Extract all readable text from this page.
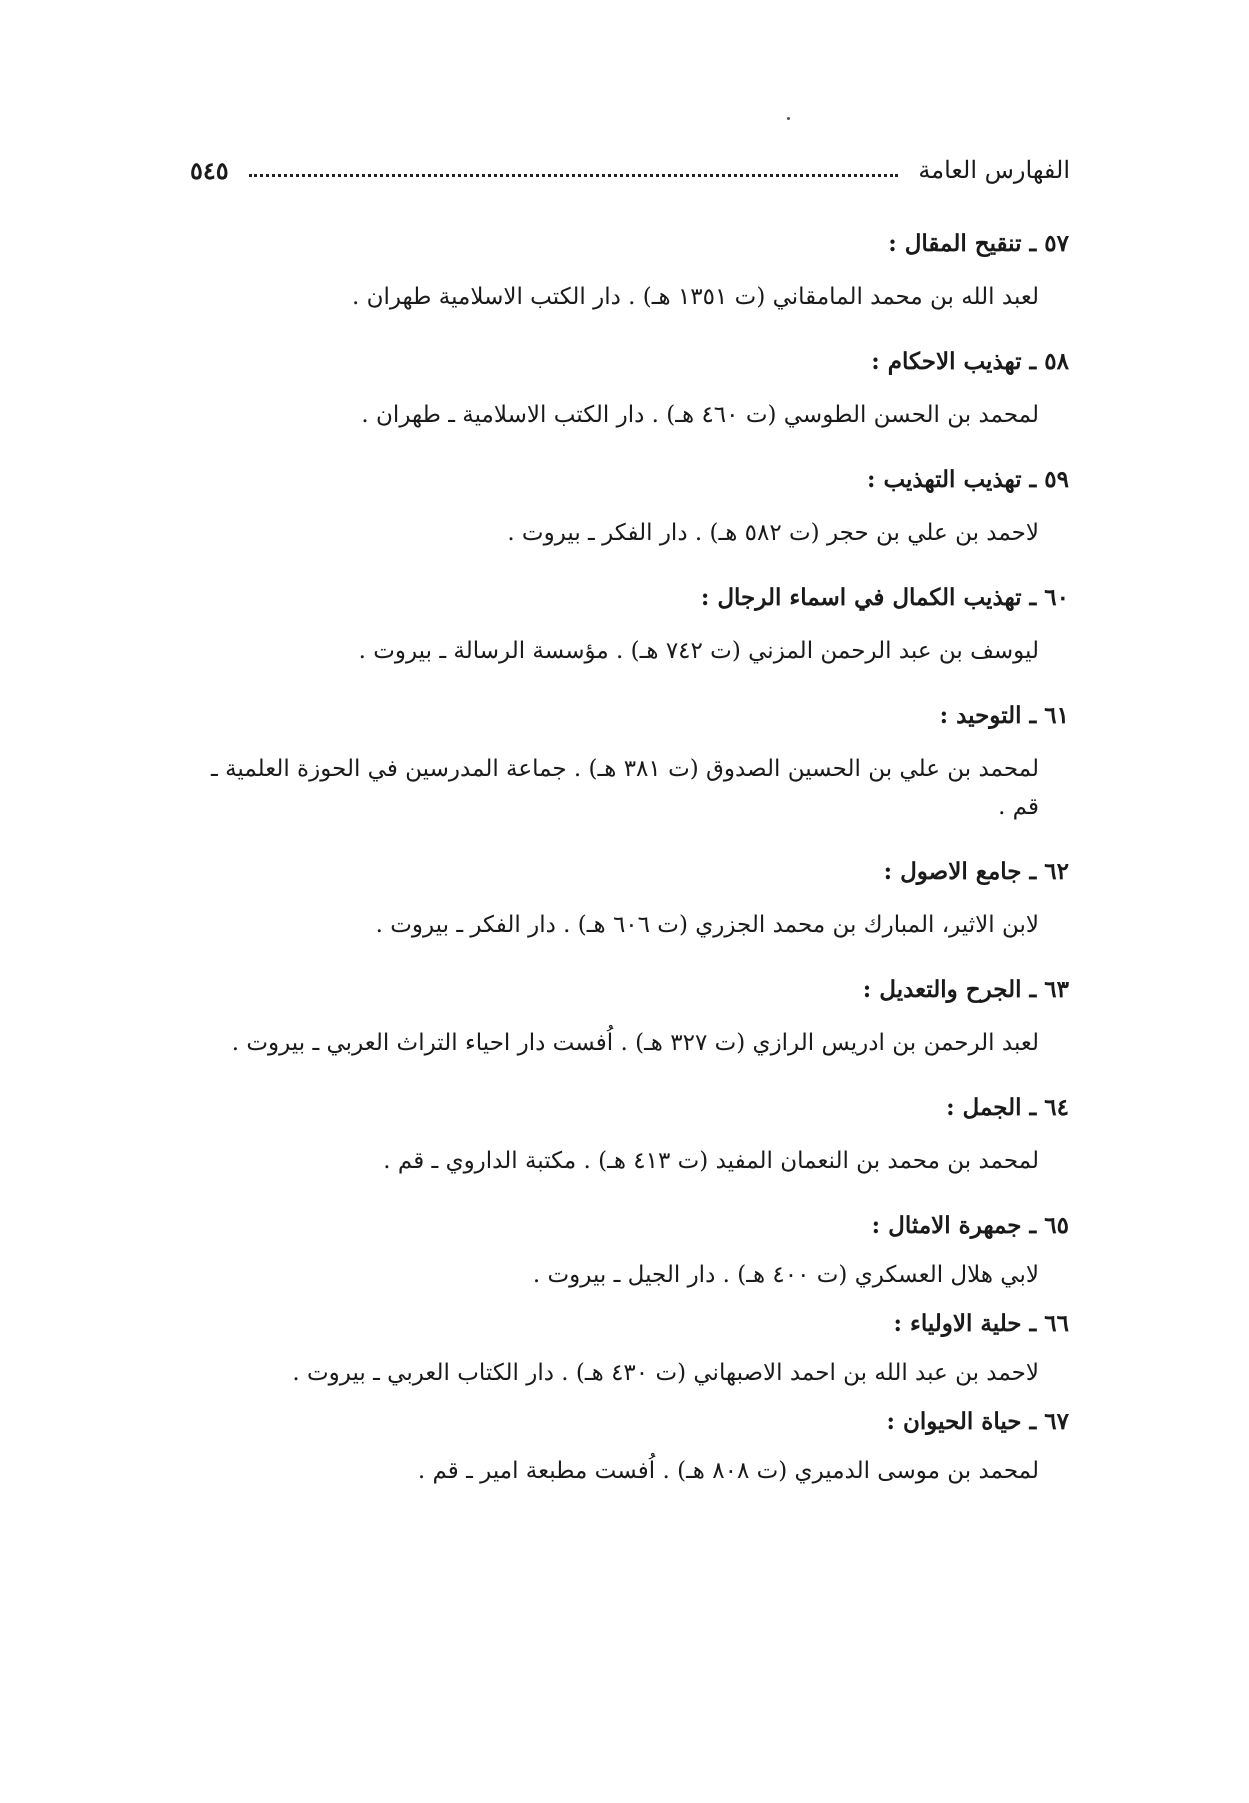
الفهارس العامة
٥٤٥

٥٧ ـ تنقيح المقال :

لعبد الله بن محمد المامقاني (ت ١٣٥١ هـ) . دار الكتب الاسلامية طهران .

٥٨ ـ تهذيب الاحكام :

لمحمد بن الحسن الطوسي (ت ٤٦٠ هـ) . دار الكتب الاسلامية ـ طهران .

٥٩ ـ تهذيب التهذيب :

لاحمد بن علي بن حجر (ت ٥٨٢ هـ) . دار الفكر ـ بيروت .

٦٠ ـ تهذيب الكمال في اسماء الرجال :

ليوسف بن عبد الرحمن المزني (ت ٧٤٢ هـ) . مؤسسة الرسالة ـ بيروت .

٦١ ـ التوحيد :

لمحمد بن علي بن الحسين الصدوق (ت ٣٨١ هـ) . جماعة المدرسين في الحوزة العلمية ـ قم .

٦٢ ـ جامع الاصول :

لابن الاثير، المبارك بن محمد الجزري (ت ٦٠٦ هـ) . دار الفكر ـ بيروت .

٦٣ ـ الجرح والتعديل :

لعبد الرحمن بن ادريس الرازي (ت ٣٢٧ هـ) . اُفست دار احياء التراث العربي ـ بيروت .

٦٤ ـ الجمل :

لمحمد بن محمد بن النعمان المفيد (ت ٤١٣ هـ) . مكتبة الداروي ـ قم .

٦٥ ـ جمهرة الامثال :

لابي هلال العسكري (ت ٤٠٠ هـ) . دار الجيل ـ بيروت .

٦٦ ـ حلية الاولياء :

لاحمد بن عبد الله بن احمد الاصبهاني (ت ٤٣٠ هـ) . دار الكتاب العربي ـ بيروت .

٦٧ ـ حياة الحيوان :

لمحمد بن موسى الدميري (ت ٨٠٨ هـ) . اُفست مطبعة امير ـ قم .
